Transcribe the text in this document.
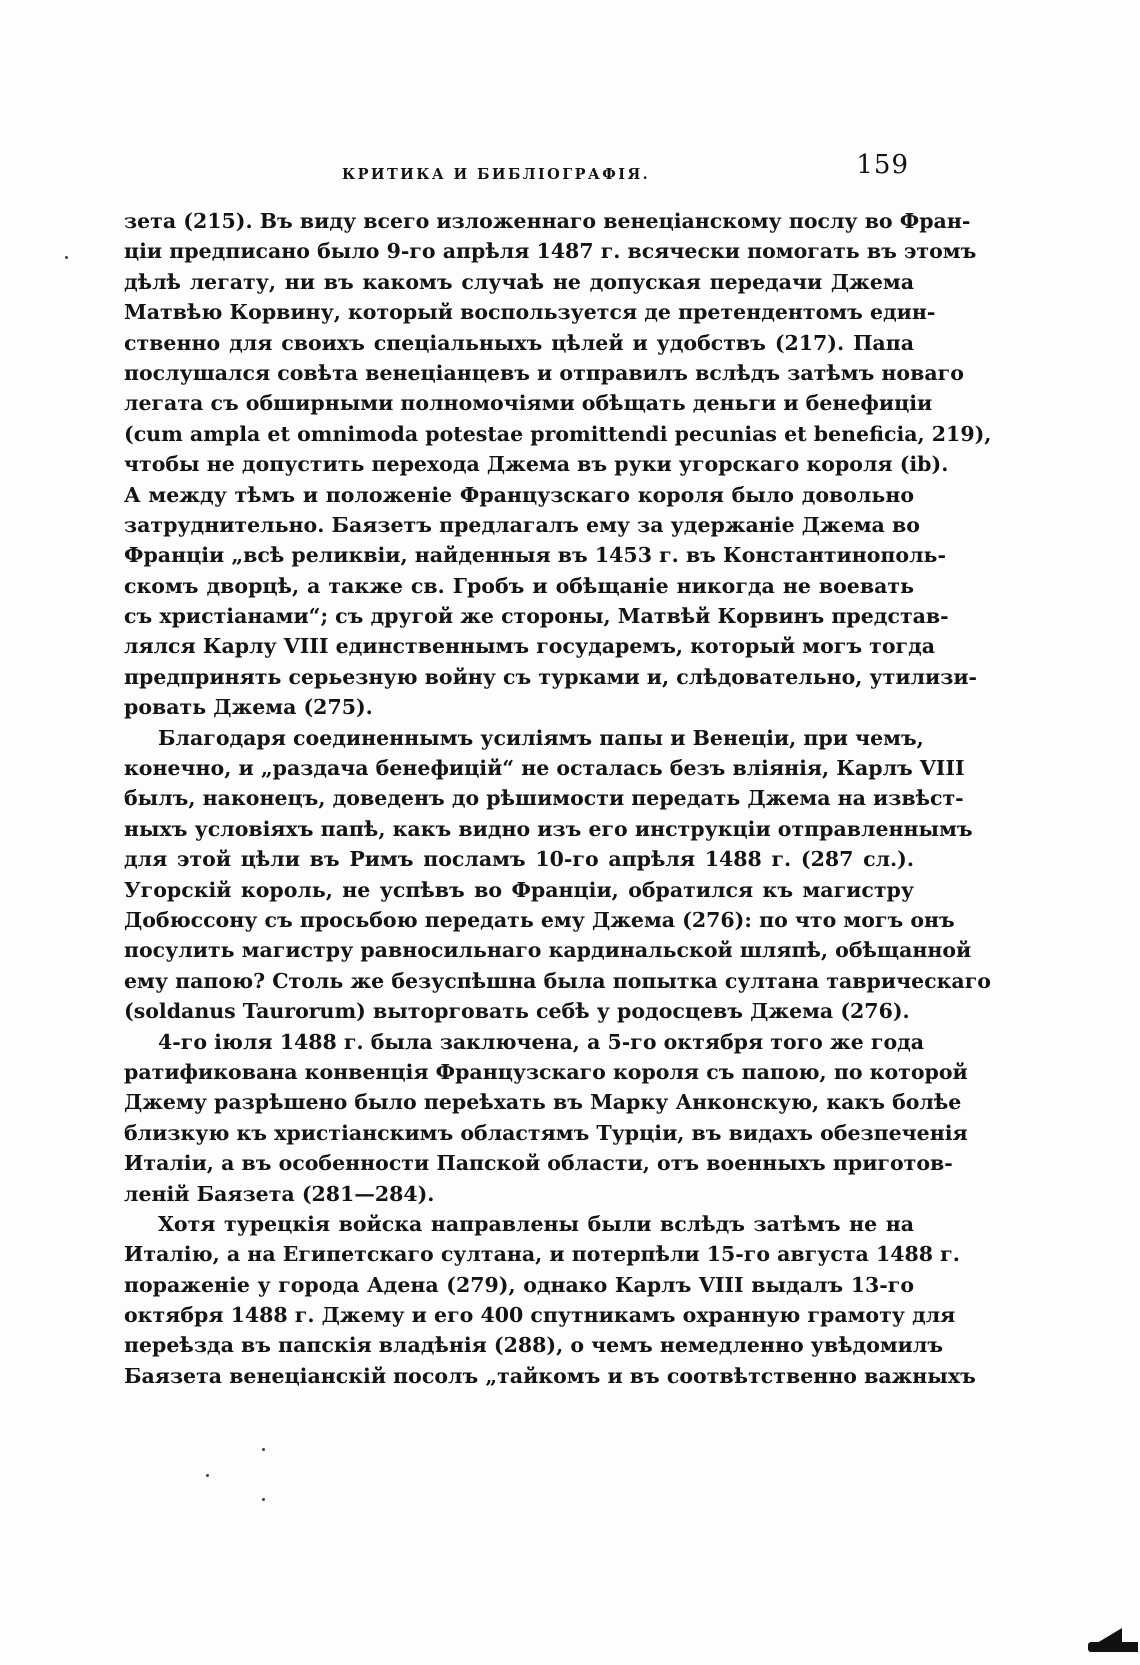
КРИТИКА И БИБЛIОГРАФIЯ.	159
зета (215). Въ виду всего изложеннаго венецiанскому послу во Фран-
цiи предписано было 9-го апрѣля 1487 г. всячески помогать въ этомъ
дѣлѣ легату, ни въ какомъ случаѣ не допуская передачи Джема
Матвѣю Корвину, который воспользуется де претендентомъ един-
ственно для своихъ спецiальныхъ цѣлей и удобствъ (217). Папа
послушался совѣта венецiанцевъ и отправилъ вслѣдъ затѣмъ новаго
легата съ обширными полномочiями обѣщать деньги и бенефицiи
(cum ampla et omnimoda potestae promittendi pecunias et beneficia, 219),
чтобы не допустить перехода Джема въ руки угорскаго короля (ib).
А между тѣмъ и положенiе Французскаго короля было довольно
затруднительно. Баязетъ предлагалъ ему за удержанiе Джема во
Францiи „всѣ реликвiи, найденныя въ 1453 г. въ Константинополь-
скомъ дворцѣ, а также св. Гробъ и обѣщанiе никогда не воевать
съ христiанами“; съ другой же стороны, Матвѣй Корвинъ представ-
лялся Карлу VIII единственнымъ государемъ, который могъ тогда
предпринять серьезную войну съ турками и, слѣдовательно, утилизи-
ровать Джема (275).
Благодаря соединеннымъ усилiямъ папы и Венецiи, при чемъ,
конечно, и „раздача бенефицiй“ не осталась безъ влiянiя, Карлъ VIII
былъ, наконецъ, доведенъ до рѣшимости передать Джема на извѣст-
ныхъ условiяхъ папѣ, какъ видно изъ его инструкцiи отправленнымъ
для этой цѣли въ Римъ посламъ 10-го апрѣля 1488 г. (287 сл.).
Угорскiй король, не успѣвъ во Францiи, обратился къ магистру
Добюссону съ просьбою передать ему Джема (276): по что могъ онъ
посулить магистру равносильнаго кардинальской шляпѣ, обѣщанной
ему папою? Столь же безуспѣшна была попытка султана таврическаго
(soldanus Taurorum) выторговать себѣ у родосцевъ Джема (276).
4-го iюля 1488 г. была заключена, а 5-го октября того же года
ратификована конвенцiя Французскаго короля съ папою, по которой
Джему разрѣшено было переѣхать въ Марку Анконскую, какъ болѣе
близкую къ христiанскимъ областямъ Турцiи, въ видахъ обезпеченiя
Италiи, а въ особенности Папской области, отъ военныхъ приготов-
ленiй Баязета (281—284).
Хотя турецкiя войска направлены были вслѣдъ затѣмъ не на
Италiю, а на Египетскаго султана, и потерпѣли 15-го августа 1488 г.
пораженiе у города Адена (279), однако Карлъ VIII выдалъ 13-го
октября 1488 г. Джему и его 400 спутникамъ охранную грамоту для
переѣзда въ папскiя владѣнiя (288), о чемъ немедленно увѣдомилъ
Баязета венецiанскiй посолъ „тайкомъ и въ соотвѣтственно важныхъ
